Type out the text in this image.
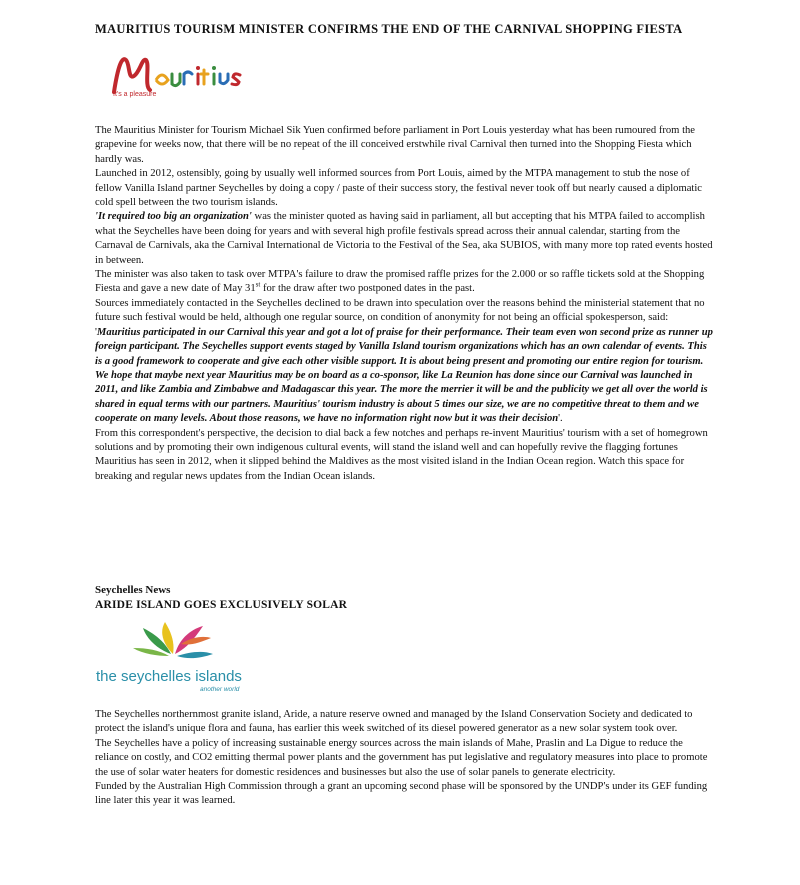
MAURITIUS TOURISM MINISTER CONFIRMS THE END OF THE CARNIVAL SHOPPING FIESTA
It's a pleasure

The Mauritius Minister for Tourism Michael Sik Yuen confirmed before parliament in Port Louis yesterday what has been rumoured from the grapevine for weeks now, that there will be no repeat of the ill conceived erstwhile rival Carnival then turned into the Shopping Fiesta which hardly was.

Launched in 2012, ostensibly, going by usually well informed sources from Port Louis, aimed by the MTPA management to stub the nose of fellow Vanilla Island partner Seychelles by doing a copy / paste of their success story, the festival never took off but nearly caused a diplomatic cold spell between the two tourism islands.

'It required too big an organization' was the minister quoted as having said in parliament, all but accepting that his MTPA failed to accomplish what the Seychelles have been doing for years and with several high profile festivals spread across their annual calendar, starting from the Carnaval de Carnivals, aka the Carnival International de Victoria to the Festival of the Sea, aka SUBIOS, with many more top rated events hosted in between.

The minister was also taken to task over MTPA's failure to draw the promised raffle prizes for the 2.000 or so raffle tickets sold at the Shopping Fiesta and gave a new date of May 31st for the draw after two postponed dates in the past.

Sources immediately contacted in the Seychelles declined to be drawn into speculation over the reasons behind the ministerial statement that no future such festival would be held, although one regular source, on condition of anonymity for not being an official spokesperson, said: 'Mauritius participated in our Carnival this year and got a lot of praise for their performance. Their team even won second prize as runner up foreign participant. The Seychelles support events staged by Vanilla Island tourism organizations which has an own calendar of events. This is a good framework to cooperate and give each other visible support. It is about being present and promoting our entire region for tourism. We hope that maybe next year Mauritius may be on board as a co-sponsor, like La Reunion has done since our Carnival was launched in 2011, and like Zambia and Zimbabwe and Madagascar this year. The more the merrier it will be and the publicity we get all over the world is shared in equal terms with our partners. Mauritius' tourism industry is about 5 times our size, we are no competitive threat to them and we cooperate on many levels. About those reasons, we have no information right now but it was their decision'.

From this correspondent's perspective, the decision to dial back a few notches and perhaps re-invent Mauritius' tourism with a set of homegrown solutions and by promoting their own indigenous cultural events, will stand the island well and can hopefully revive the flagging fortunes Mauritius has seen in 2012, when it slipped behind the Maldives as the most visited island in the Indian Ocean region. Watch this space for breaking and regular news updates from the Indian Ocean islands.

Seychelles News
ARIDE ISLAND GOES EXCLUSIVELY SOLAR
the seychelles islands
another world

The Seychelles northernmost granite island, Aride, a nature reserve owned and managed by the Island Conservation Society and dedicated to protect the island's unique flora and fauna, has earlier this week switched of its diesel powered generator as a new solar system took over.

The Seychelles have a policy of increasing sustainable energy sources across the main islands of Mahe, Praslin and La Digue to reduce the reliance on costly, and CO2 emitting thermal power plants and the government has put legislative and regulatory measures into place to promote the use of solar water heaters for domestic residences and businesses but also the use of solar panels to generate electricity.

Funded by the Australian High Commission through a grant an upcoming second phase will be sponsored by the UNDP's under its GEF funding line later this year it was learned.
